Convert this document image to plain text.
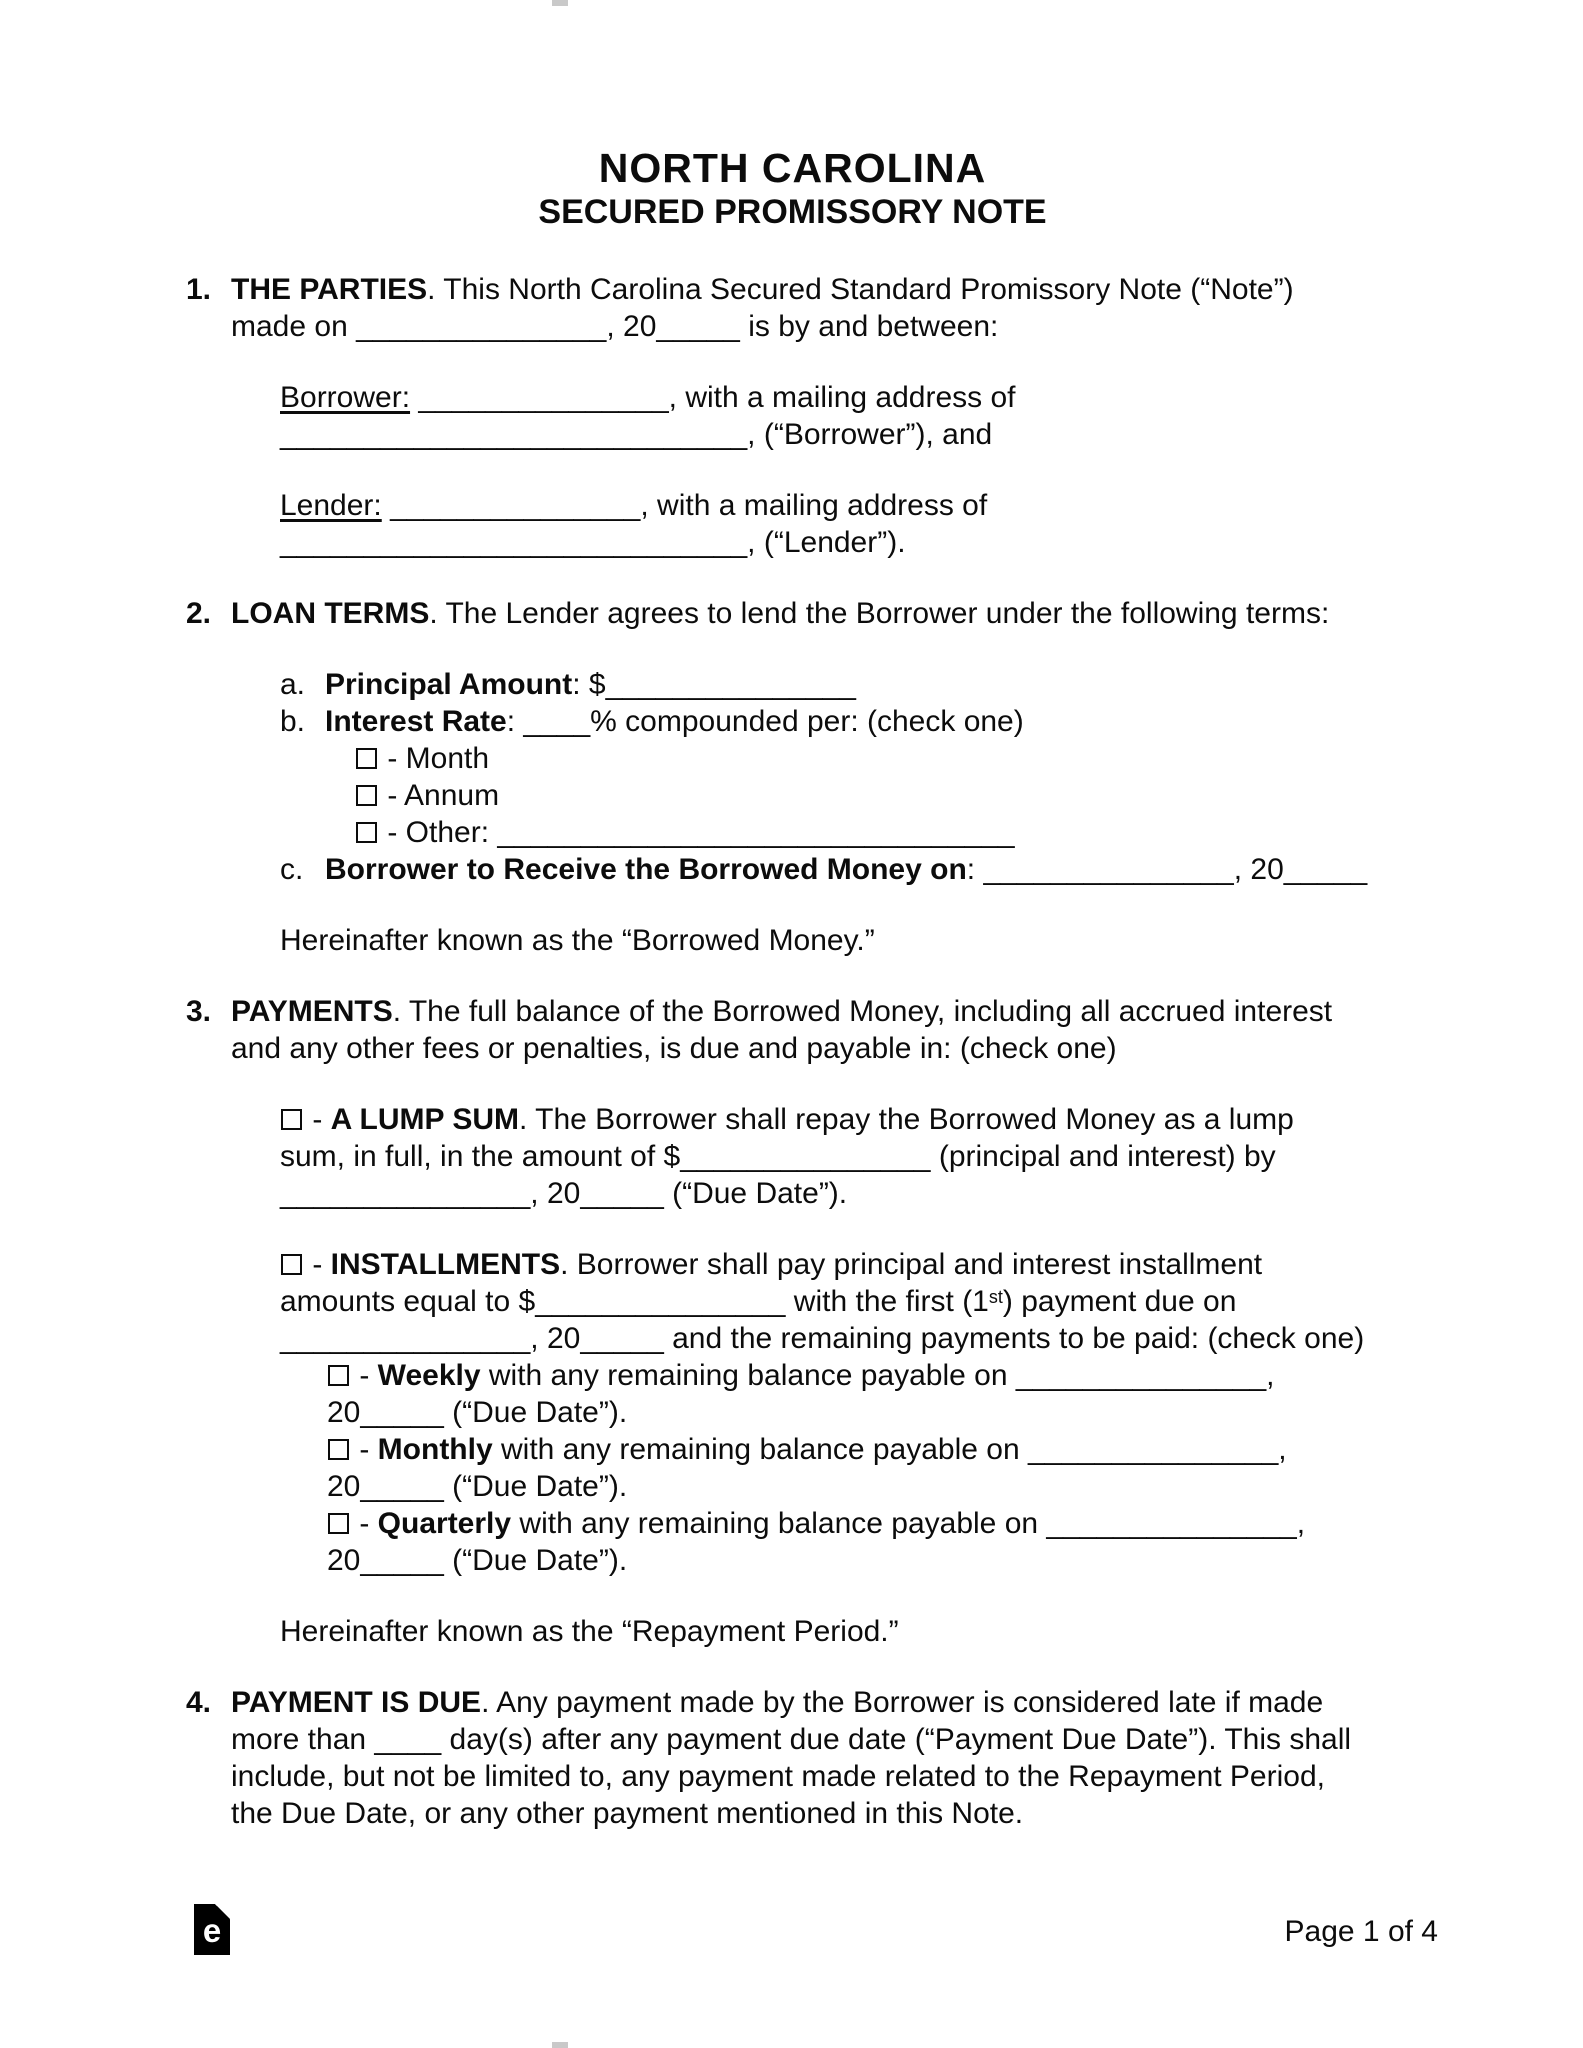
NORTH CAROLINA
SECURED PROMISSORY NOTE
1. THE PARTIES. This North Carolina Secured Standard Promissory Note (“Note”)
made on _______________, 20_____ is by and between:
Borrower: _______________, with a mailing address of
____________________________, (“Borrower”), and
Lender: _______________, with a mailing address of
____________________________, (“Lender”).
2. LOAN TERMS. The Lender agrees to lend the Borrower under the following terms:
a. Principal Amount: $_______________
b. Interest Rate: ____% compounded per: (check one)
- Month
- Annum
- Other: _______________________________
c. Borrower to Receive the Borrowed Money on: _______________, 20_____
Hereinafter known as the “Borrowed Money.”
3. PAYMENTS. The full balance of the Borrowed Money, including all accrued interest
and any other fees or penalties, is due and payable in: (check one)
- A LUMP SUM. The Borrower shall repay the Borrowed Money as a lump
sum, in full, in the amount of $_______________ (principal and interest) by
_______________, 20_____ (“Due Date”).
- INSTALLMENTS. Borrower shall pay principal and interest installment
amounts equal to $_______________ with the first (1st) payment due on
_______________, 20_____ and the remaining payments to be paid: (check one)
- Weekly with any remaining balance payable on _______________,
20_____ (“Due Date”).
- Monthly with any remaining balance payable on _______________,
20_____ (“Due Date”).
- Quarterly with any remaining balance payable on _______________,
20_____ (“Due Date”).
Hereinafter known as the “Repayment Period.”
4. PAYMENT IS DUE. Any payment made by the Borrower is considered late if made
more than ____ day(s) after any payment due date (“Payment Due Date”). This shall
include, but not be limited to, any payment made related to the Repayment Period,
the Due Date, or any other payment mentioned in this Note.
e	Page 1 of 4
